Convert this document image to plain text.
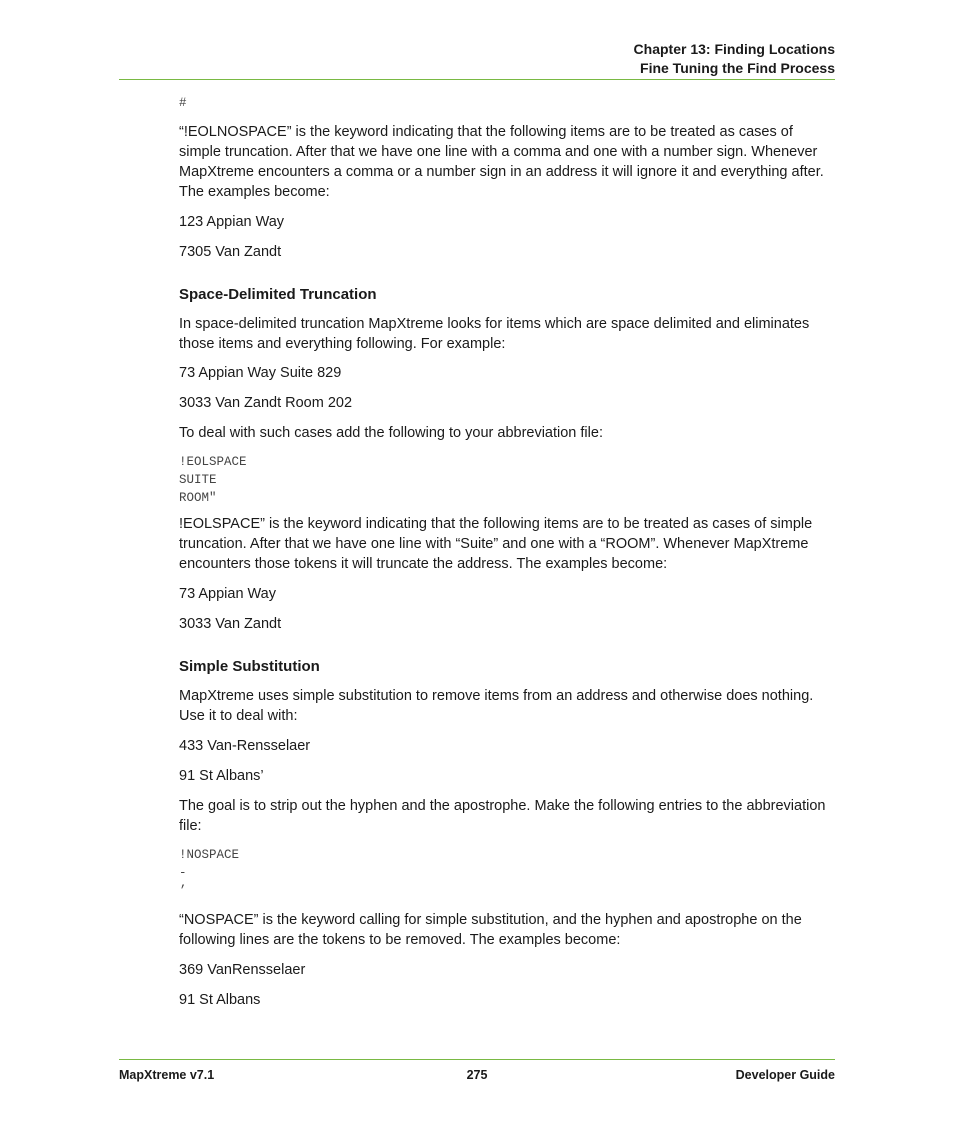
Chapter 13: Finding Locations
Fine Tuning the Find Process
#

“!EOLNOSPACE” is the keyword indicating that the following items are to be treated as cases of simple truncation. After that we have one line with a comma and one with a number sign. Whenever MapXtreme encounters a comma or a number sign in an address it will ignore it and everything after. The examples become:

123 Appian Way

7305 Van Zandt

Space-Delimited Truncation

In space-delimited truncation MapXtreme looks for items which are space delimited and eliminates those items and everything following. For example:

73 Appian Way Suite 829

3033 Van Zandt Room 202

To deal with such cases add the following to your abbreviation file:

!EOLSPACE
SUITE
ROOM"

!EOLSPACE” is the keyword indicating that the following items are to be treated as cases of simple truncation. After that we have one line with “Suite” and one with a “ROOM”. Whenever MapXtreme encounters those tokens it will truncate the address. The examples become:

73 Appian Way

3033 Van Zandt

Simple Substitution

MapXtreme uses simple substitution to remove items from an address and otherwise does nothing. Use it to deal with:

433 Van-Rensselaer

91 St Albans’

The goal is to strip out the hyphen and the apostrophe. Make the following entries to the abbreviation file:

!NOSPACE
-
’

“NOSPACE” is the keyword calling for simple substitution, and the hyphen and apostrophe on the following lines are the tokens to be removed. The examples become:

369 VanRensselaer

91 St Albans

MapXtreme v7.1	275	Developer Guide
